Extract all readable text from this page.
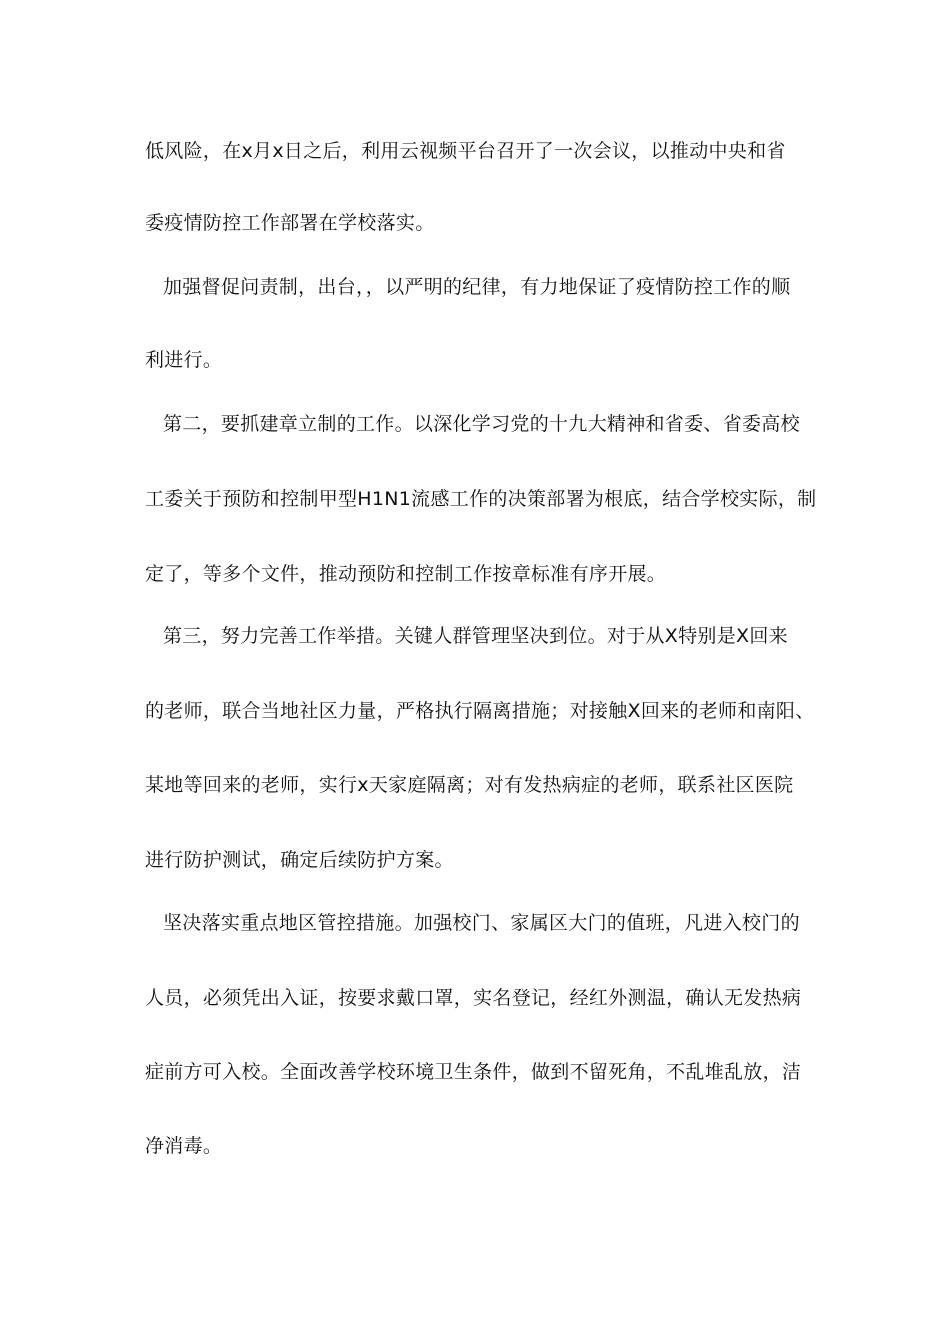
低风险，在x月x日之后，利用云视频平台召开了一次会议，以推动中央和省
委疫情防控工作部署在学校落实。
加强督促问责制，出台，，以严明的纪律，有力地保证了疫情防控工作的顺
利进行。
第二，要抓建章立制的工作。以深化学习党的十九大精神和省委、省委高校
工委关于预防和控制甲型H1N1流感工作的决策部署为根底，结合学校实际，制
定了，等多个文件，推动预防和控制工作按章标准有序开展。
第三，努力完善工作举措。关键人群管理坚决到位。对于从X特别是X回来
的老师，联合当地社区力量，严格执行隔离措施；对接触X回来的老师和南阳、
某地等回来的老师，实行x天家庭隔离；对有发热病症的老师，联系社区医院
进行防护测试，确定后续防护方案。
坚决落实重点地区管控措施。加强校门、家属区大门的值班，凡进入校门的
人员，必须凭出入证，按要求戴口罩，实名登记，经红外测温，确认无发热病
症前方可入校。全面改善学校环境卫生条件，做到不留死角，不乱堆乱放，洁
净消毒。
